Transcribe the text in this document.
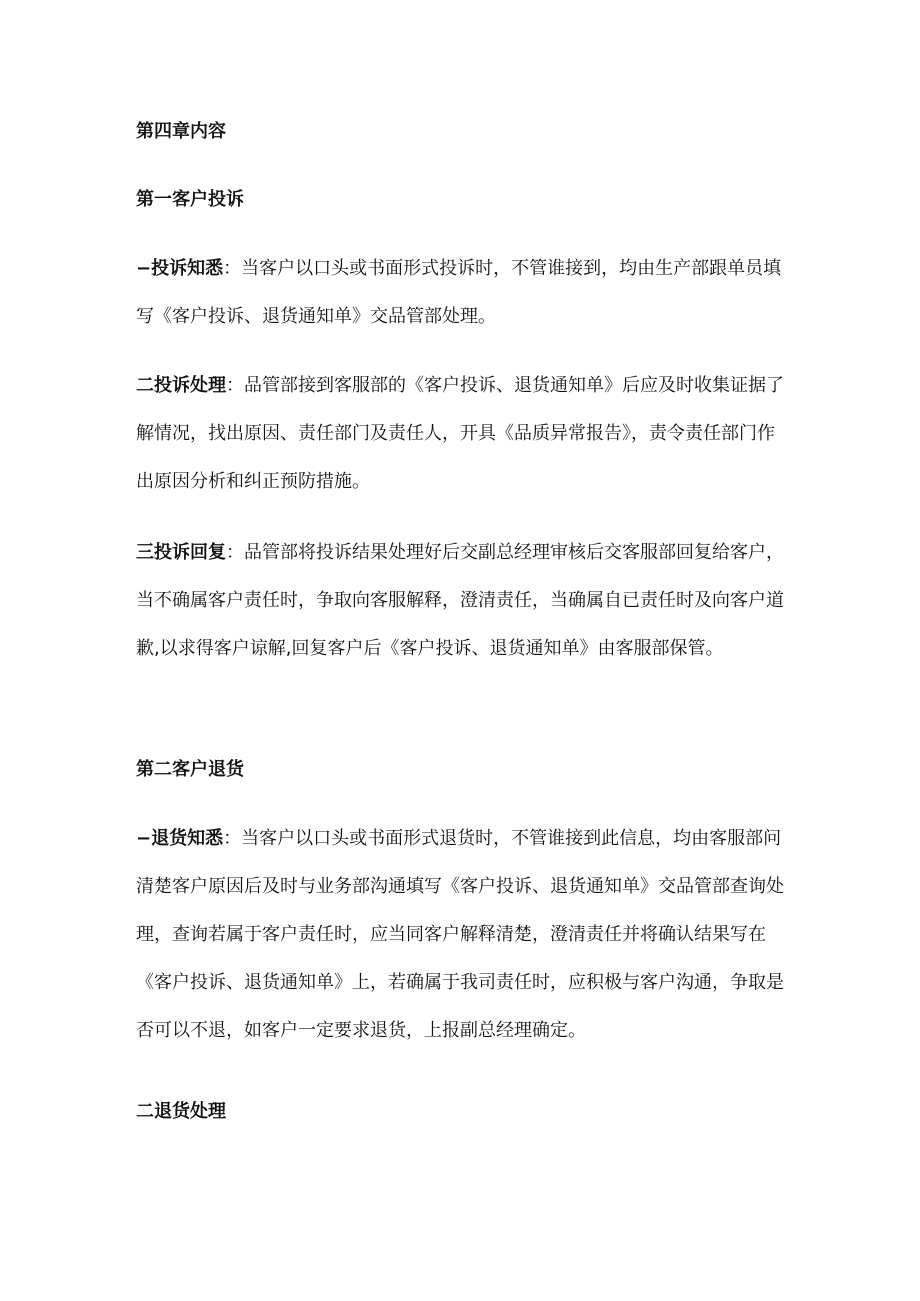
第四章内容
第一客户投诉

−投诉知悉：当客户以口头或书面形式投诉时，不管谁接到，均由生产部跟单员填写《客户投诉、退货通知单》交品管部处理。

二投诉处理：品管部接到客服部的《客户投诉、退货通知单》后应及时收集证据了解情况，找出原因、责任部门及责任人，开具《品质异常报告》，责令责任部门作出原因分析和纠正预防措施。

三投诉回复：品管部将投诉结果处理好后交副总经理审核后交客服部回复给客户，当不确属客户责任时，争取向客服解释，澄清责任，当确属自已责任时及向客户道歉,以求得客户谅解,回复客户后《客户投诉、退货通知单》由客服部保管。

第二客户退货

−退货知悉：当客户以口头或书面形式退货时，不管谁接到此信息，均由客服部问清楚客户原因后及时与业务部沟通填写《客户投诉、退货通知单》交品管部查询处理，查询若属于客户责任时，应当同客户解释清楚，澄清责任并将确认结果写在《客户投诉、退货通知单》上，若确属于我司责任时，应积极与客户沟通，争取是否可以不退，如客户一定要求退货，上报副总经理确定。

二退货处理
